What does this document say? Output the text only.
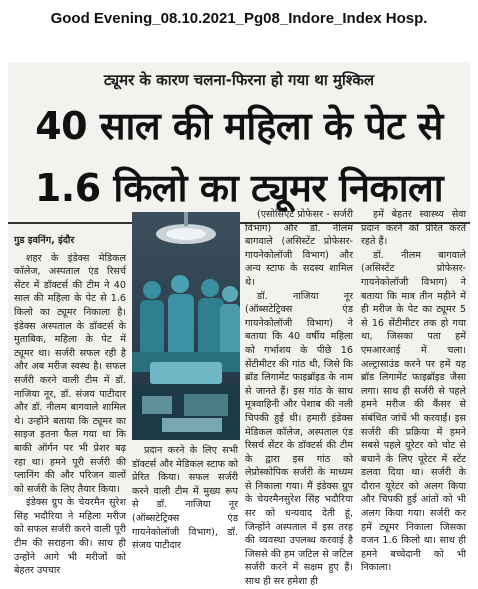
Good Evening_08.10.2021_Pg08_Indore_Index Hosp.
ट्यूमर के कारण चलना-फिरना हो गया था मुश्किल
40 साल की महिला के पेट से
1.6 किलो का ट्यूमर निकाला
गुड इवनिंग, इंदौर
शहर के इंडेक्स मेडिकल कॉलेज, अस्पताल एंड रिसर्च सेंटर में डॉक्टर्स की टीम ने 40 साल की महिला के पेट से 1.6 किलो का ट्यूमर निकाला है। इंडेक्स अस्पताल के डॉक्टर्स के मुताबिक, महिला के पेट में ट्यूमर था। सर्जरी सफल रही है और अब मरीज स्वस्थ है। सफल सर्जरी करने वाली टीम में डॉ. नाजिया नूर, डॉ. संजय पाटीदार और डॉ. नीलम बागवाले शामिल थे। उन्होंने बताया कि ट्यूमर का साइज इतना फैल गया था कि बाकी ऑर्गन पर भी प्रेशर बढ़ रहा था। हमने पूरी सर्जरी की प्लानिंग की और परिजन वालों को सर्जरी के लिए तैयार किया।
इंडेक्स ग्रुप के चेयरमैन सुरेश सिंह भदौरिया ने महिला मरीज को सफल सर्जरी करने वाली पूरी टीम की सराहना की। साथ ही उन्होंने आगे भी मरीजों को बेहतर उपचार
प्रदान करने के लिए सभी डॉक्टर्स और मेडिकल स्टाफ को प्रेरित किया। सफल सर्जरी करने वाली टीम में मुख्य रूप से डॉ. नाजिया नूर (ऑब्सटेट्रिक्स एंड गायनेकोलॉजी विभाग), डॉ. संजय पाटीदार
(एसोसिएट प्रोफेसर - सर्जरी विभाग) और डॉ. नीलम बागवाले (असिस्टेंट प्रोफेसर-गायनेकोलॉजी विभाग) और अन्य स्टाफ के सदस्य शामिल थे।
डॉ. नाजिया नूर (ऑब्सटेट्रिक्स एंड गायनेकोलॉजी विभाग) ने बताया कि 40 वर्षीय महिला को गर्भाशय के पीछे 16 सेंटीमीटर की गांठ थी, जिसे कि ब्रॉड लिगामेंट फाइब्रॉइड के नाम से जानते हैं। इस गांठ के साथ मूत्रवाहिनी और पेशाब की नली चिपकी हुई थी। हमारी इंडेक्स मेडिकल कॉलेज, अस्पताल एंड रिसर्च सेंटर के डॉक्टर्स की टीम के द्वारा इस गांठ को लेप्रोस्कोपिक सर्जरी के माध्यम से निकाला गया। मैं इंडेक्स ग्रुप के चेयरमैनसुरेश सिंह भदौरिया सर को धन्यवाद देती हूं, जिन्होंने अस्पताल में इस तरह की व्यवस्था उपलब्ध करवाई है जिससे की हम जटिल से जटिल सर्जरी करने में सक्षम हुए हैं। साथ ही सर हमेशा ही
हमें बेहतर स्वास्थ्य सेवा प्रदान करने को प्रेरित करते रहते हैं।
डॉ. नीलम बागवाले (असिस्टेंट प्रोफेसर-गायनेकोलॉजी विभाग) ने बताया कि मात्र तीन महीने में ही मरीज के पेट का ट्यूमर 5 से 16 सेंटीमीटर तक हो गया था, जिसका पता हमें एमआरआई में चला। अल्ट्रासाउंड करने पर हमें यह ब्रॉड लिगामेंट फाइब्रॉइड जैसा लगा। साथ ही सर्जरी से पहले हमने मरीज की कैंसर से संबंधित जांचें भी करवाईं। इस सर्जरी की प्रक्रिया में हमने सबसे पहले यूरेटर को चोट से बचाने के लिए यूरेटर में स्टेंट डलवा दिया था। सर्जरी के दौरान यूरेटर को अलग किया और चिपकी हुई आंतों को भी अलग किया गया। सर्जरी कर हमें ट्यूमर निकाला जिसका वजन 1.6 किलो था। साथ ही हमने बच्चेदानी को भी निकाला।
